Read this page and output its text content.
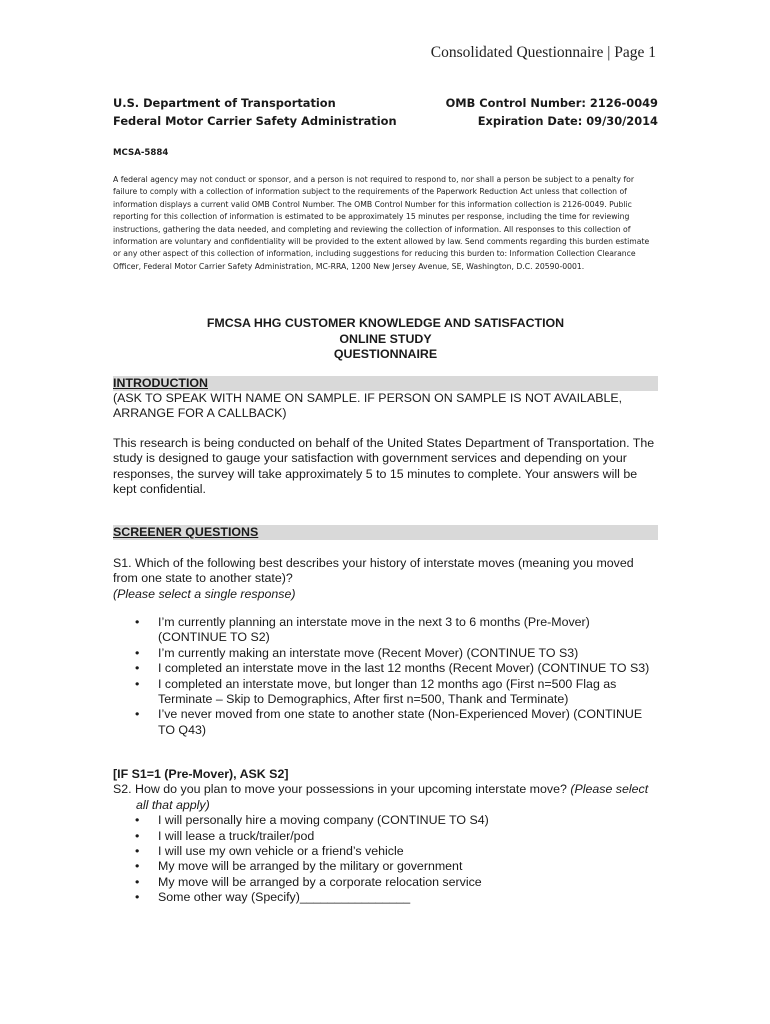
Consolidated Questionnaire | Page 1
U.S. Department of Transportation
Federal Motor Carrier Safety Administration
OMB Control Number: 2126-0049
Expiration Date: 09/30/2014
MCSA-5884
A federal agency may not conduct or sponsor, and a person is not required to respond to, nor shall a person be subject to a penalty for failure to comply with a collection of information subject to the requirements of the Paperwork Reduction Act unless that collection of information displays a current valid OMB Control Number. The OMB Control Number for this information collection is 2126-0049. Public reporting for this collection of information is estimated to be approximately 15 minutes per response, including the time for reviewing instructions, gathering the data needed, and completing and reviewing the collection of information. All responses to this collection of information are voluntary and confidentiality will be provided to the extent allowed by law. Send comments regarding this burden estimate or any other aspect of this collection of information, including suggestions for reducing this burden to: Information Collection Clearance Officer, Federal Motor Carrier Safety Administration, MC-RRA, 1200 New Jersey Avenue, SE, Washington, D.C. 20590-0001.
FMCSA HHG CUSTOMER KNOWLEDGE AND SATISFACTION
ONLINE STUDY
QUESTIONNAIRE
INTRODUCTION
(ASK TO SPEAK WITH NAME ON SAMPLE. IF PERSON ON SAMPLE IS NOT AVAILABLE, ARRANGE FOR A CALLBACK)
This research is being conducted on behalf of the United States Department of Transportation. The study is designed to gauge your satisfaction with government services and depending on your responses, the survey will take approximately 5 to 15 minutes to complete. Your answers will be kept confidential.
SCREENER QUESTIONS
S1. Which of the following best describes your history of interstate moves (meaning you moved from one state to another state)?
(Please select a single response)
• I’m currently planning an interstate move in the next 3 to 6 months (Pre-Mover) (CONTINUE TO S2)
• I’m currently making an interstate move (Recent Mover) (CONTINUE TO S3)
• I completed an interstate move in the last 12 months (Recent Mover) (CONTINUE TO S3)
• I completed an interstate move, but longer than 12 months ago (First n=500 Flag as Terminate – Skip to Demographics, After first n=500, Thank and Terminate)
• I’ve never moved from one state to another state (Non-Experienced Mover) (CONTINUE TO Q43)
[IF S1=1 (Pre-Mover), ASK S2]
S2. How do you plan to move your possessions in your upcoming interstate move? (Please select all that apply)
• I will personally hire a moving company (CONTINUE TO S4)
• I will lease a truck/trailer/pod
• I will use my own vehicle or a friend’s vehicle
• My move will be arranged by the military or government
• My move will be arranged by a corporate relocation service
• Some other way (Specify)________________
